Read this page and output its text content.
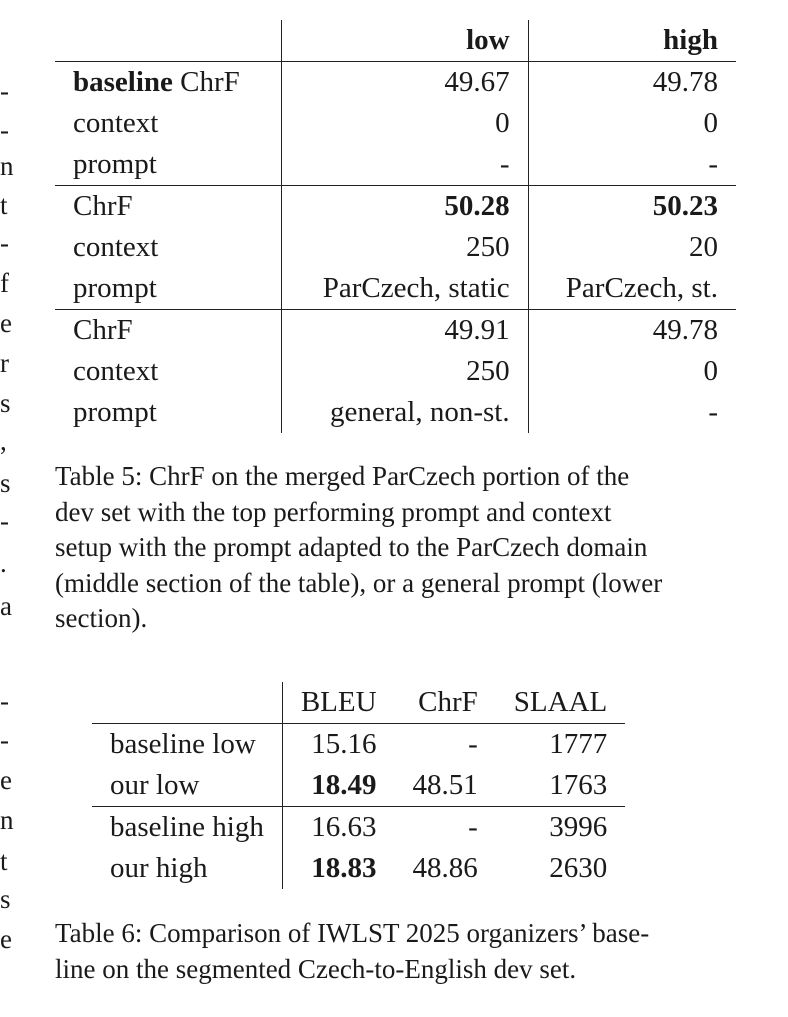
-
-
n
t
-
f
e
r
s
,
s
-
.
a
-
-
e
n
t
s
e
	low	high
baseline ChrF	49.67	49.78
context	0	0
prompt	-	-
ChrF	50.28	50.23
context	250	20
prompt	ParCzech, static	ParCzech, st.
ChrF	49.91	49.78
context	250	0
prompt	general, non-st.	-
Table 5: ChrF on the merged ParCzech portion of the
dev set with the top performing prompt and context
setup with the prompt adapted to the ParCzech domain
(middle section of the table), or a general prompt (lower
section).
	BLEU	ChrF	SLAAL
baseline low	15.16	-	1777
our low	18.49	48.51	1763
baseline high	16.63	-	3996
our high	18.83	48.86	2630
Table 6: Comparison of IWLST 2025 organizers’ base-
line on the segmented Czech-to-English dev set.
